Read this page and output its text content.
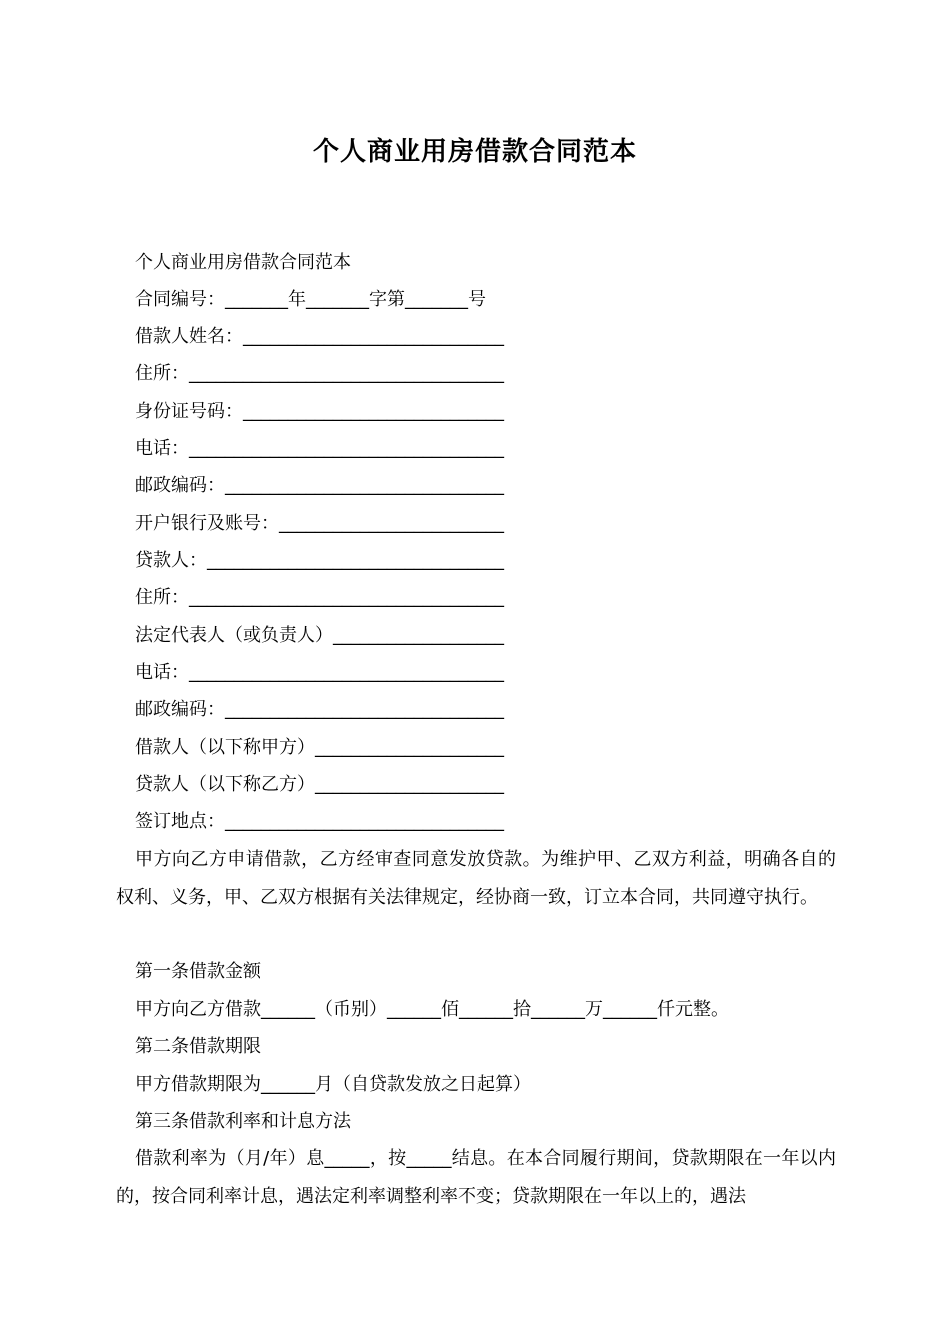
个人商业用房借款合同范本
个人商业用房借款合同范本
合同编号：_______年_______字第_______号
借款人姓名：_____________________________
住所：___________________________________
身份证号码：_____________________________
电话：___________________________________
邮政编码：_______________________________
开户银行及账号：_________________________
贷款人：_________________________________
住所：___________________________________
法定代表人（或负责人）___________________
电话：___________________________________
邮政编码：_______________________________
借款人（以下称甲方）_____________________
贷款人（以下称乙方）_____________________
签订地点：_______________________________
甲方向乙方申请借款，乙方经审查同意发放贷款。为维护甲、乙双方利益，明确各自的权利、义务，甲、乙双方根据有关法律规定，经协商一致，订立本合同，共同遵守执行。
第一条借款金额
甲方向乙方借款______（币别）______佰______拾______万______仟元整。
第二条借款期限
甲方借款期限为______月（自贷款发放之日起算）
第三条借款利率和计息方法
借款利率为（月/年）息_____，按_____结息。在本合同履行期间，贷款期限在一年以内的，按合同利率计息，遇法定利率调整利率不变；贷款期限在一年以上的，遇法
